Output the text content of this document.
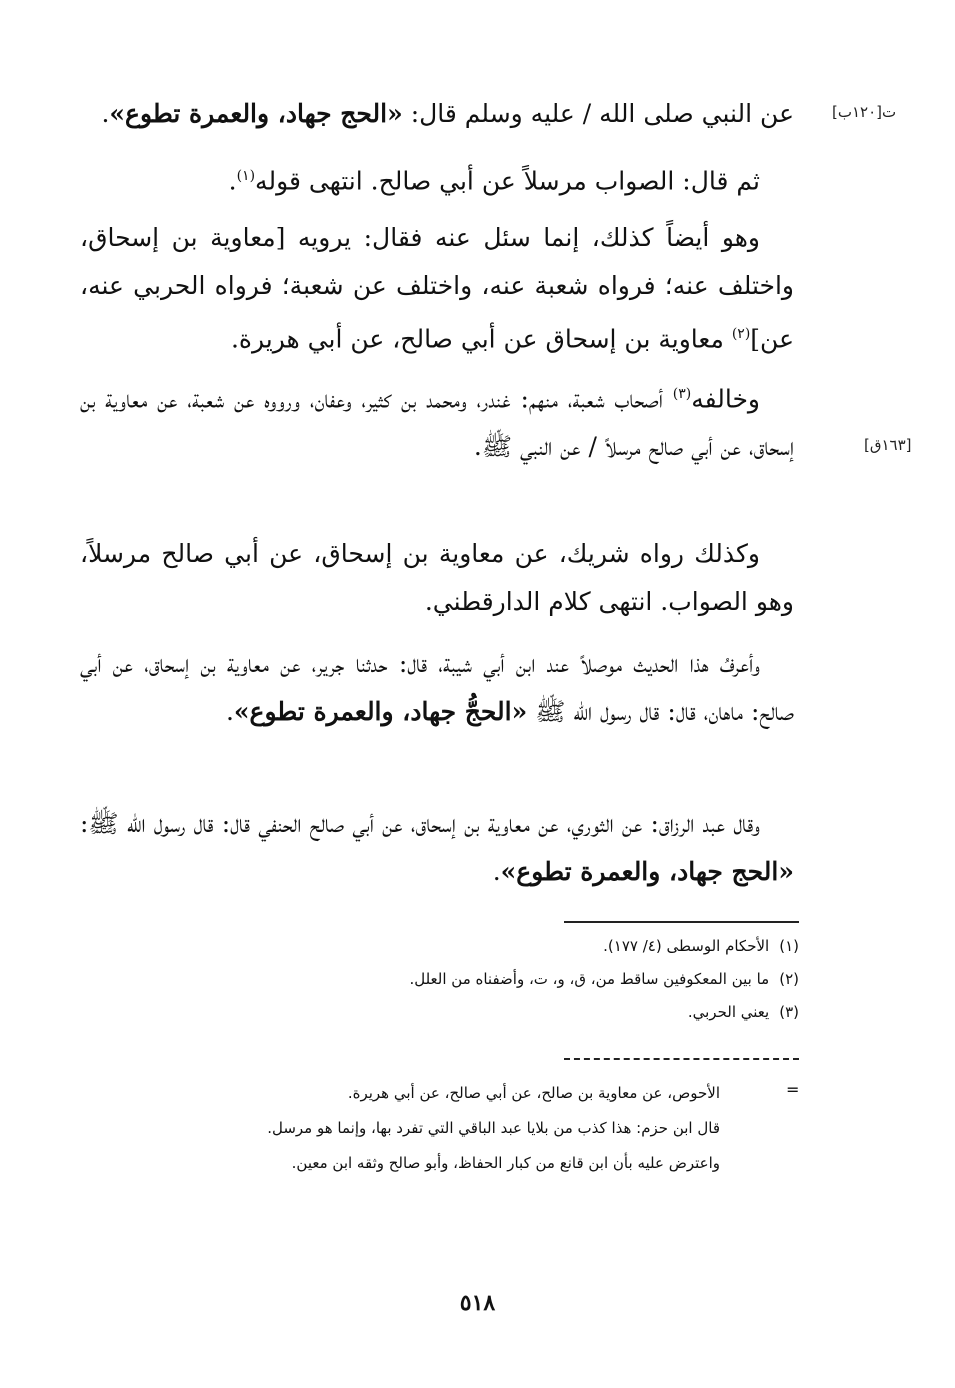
[١٢٠ب]ت
[١٦٣ق]

عن النبي صلى الله / عليه وسلم قال: «الحج جهاد، والعمرة تطوع».

ثم قال: الصواب مرسلاً عن أبي صالح. انتهى قوله$^{(١)}$.

وهو أيضاً كذلك، إنما سئل عنه فقال: يرويه [معاوية بن إسحاق، واختلف عنه؛ فرواه شعبة عنه، واختلف عن شعبة؛ فرواه الحربي عنه، عن]$^{(٢)}$ معاوية بن إسحاق عن أبي صالح، عن أبي هريرة.

وخالفه$^{(٣)}$ أصحاب شعبة، منهم: غندر، ومحمد بن كثير، وعفان، ورووه عن شعبة، عن معاوية بن إسحاق، عن أبي صالح مرسلاً / عن النبي ﷺ.

وكذلك رواه شريك، عن معاوية بن إسحاق، عن أبي صالح مرسلاً، وهو الصواب. انتهى كلام الدارقطني.

وأعرفُ هذا الحديث موصلاً عند ابن أبي شيبة، قال: حدثنا جرير، عن معاوية بن إسحاق، عن أبي صالح: ماهان، قال: قال رسول الله ﷺ «الحجُّ جهاد، والعمرة تطوع».

وقال عبد الرزاق: عن الثوري، عن معاوية بن إسحاق، عن أبي صالح الحنفي قال: قال رسول الله ﷺ: «الحج جهاد، والعمرة تطوع».

(١)الأحكام الوسطى (٤/ ١٧٧).
(٢)ما بين المعكوفين ساقط من، ق، و، ت، وأضفناه من العلل.
(٣)يعني الحربي.
=
الأحوص، عن معاوية بن صالح، عن أبي صالح، عن أبي هريرة.
قال ابن حزم: هذا كذب من بلايا عبد الباقي التي تفرد بها، وإنما هو مرسل.
واعترض عليه بأن ابن قانع من كبار الحفاظ، وأبو صالح وثقه ابن معين.
٥١٨
